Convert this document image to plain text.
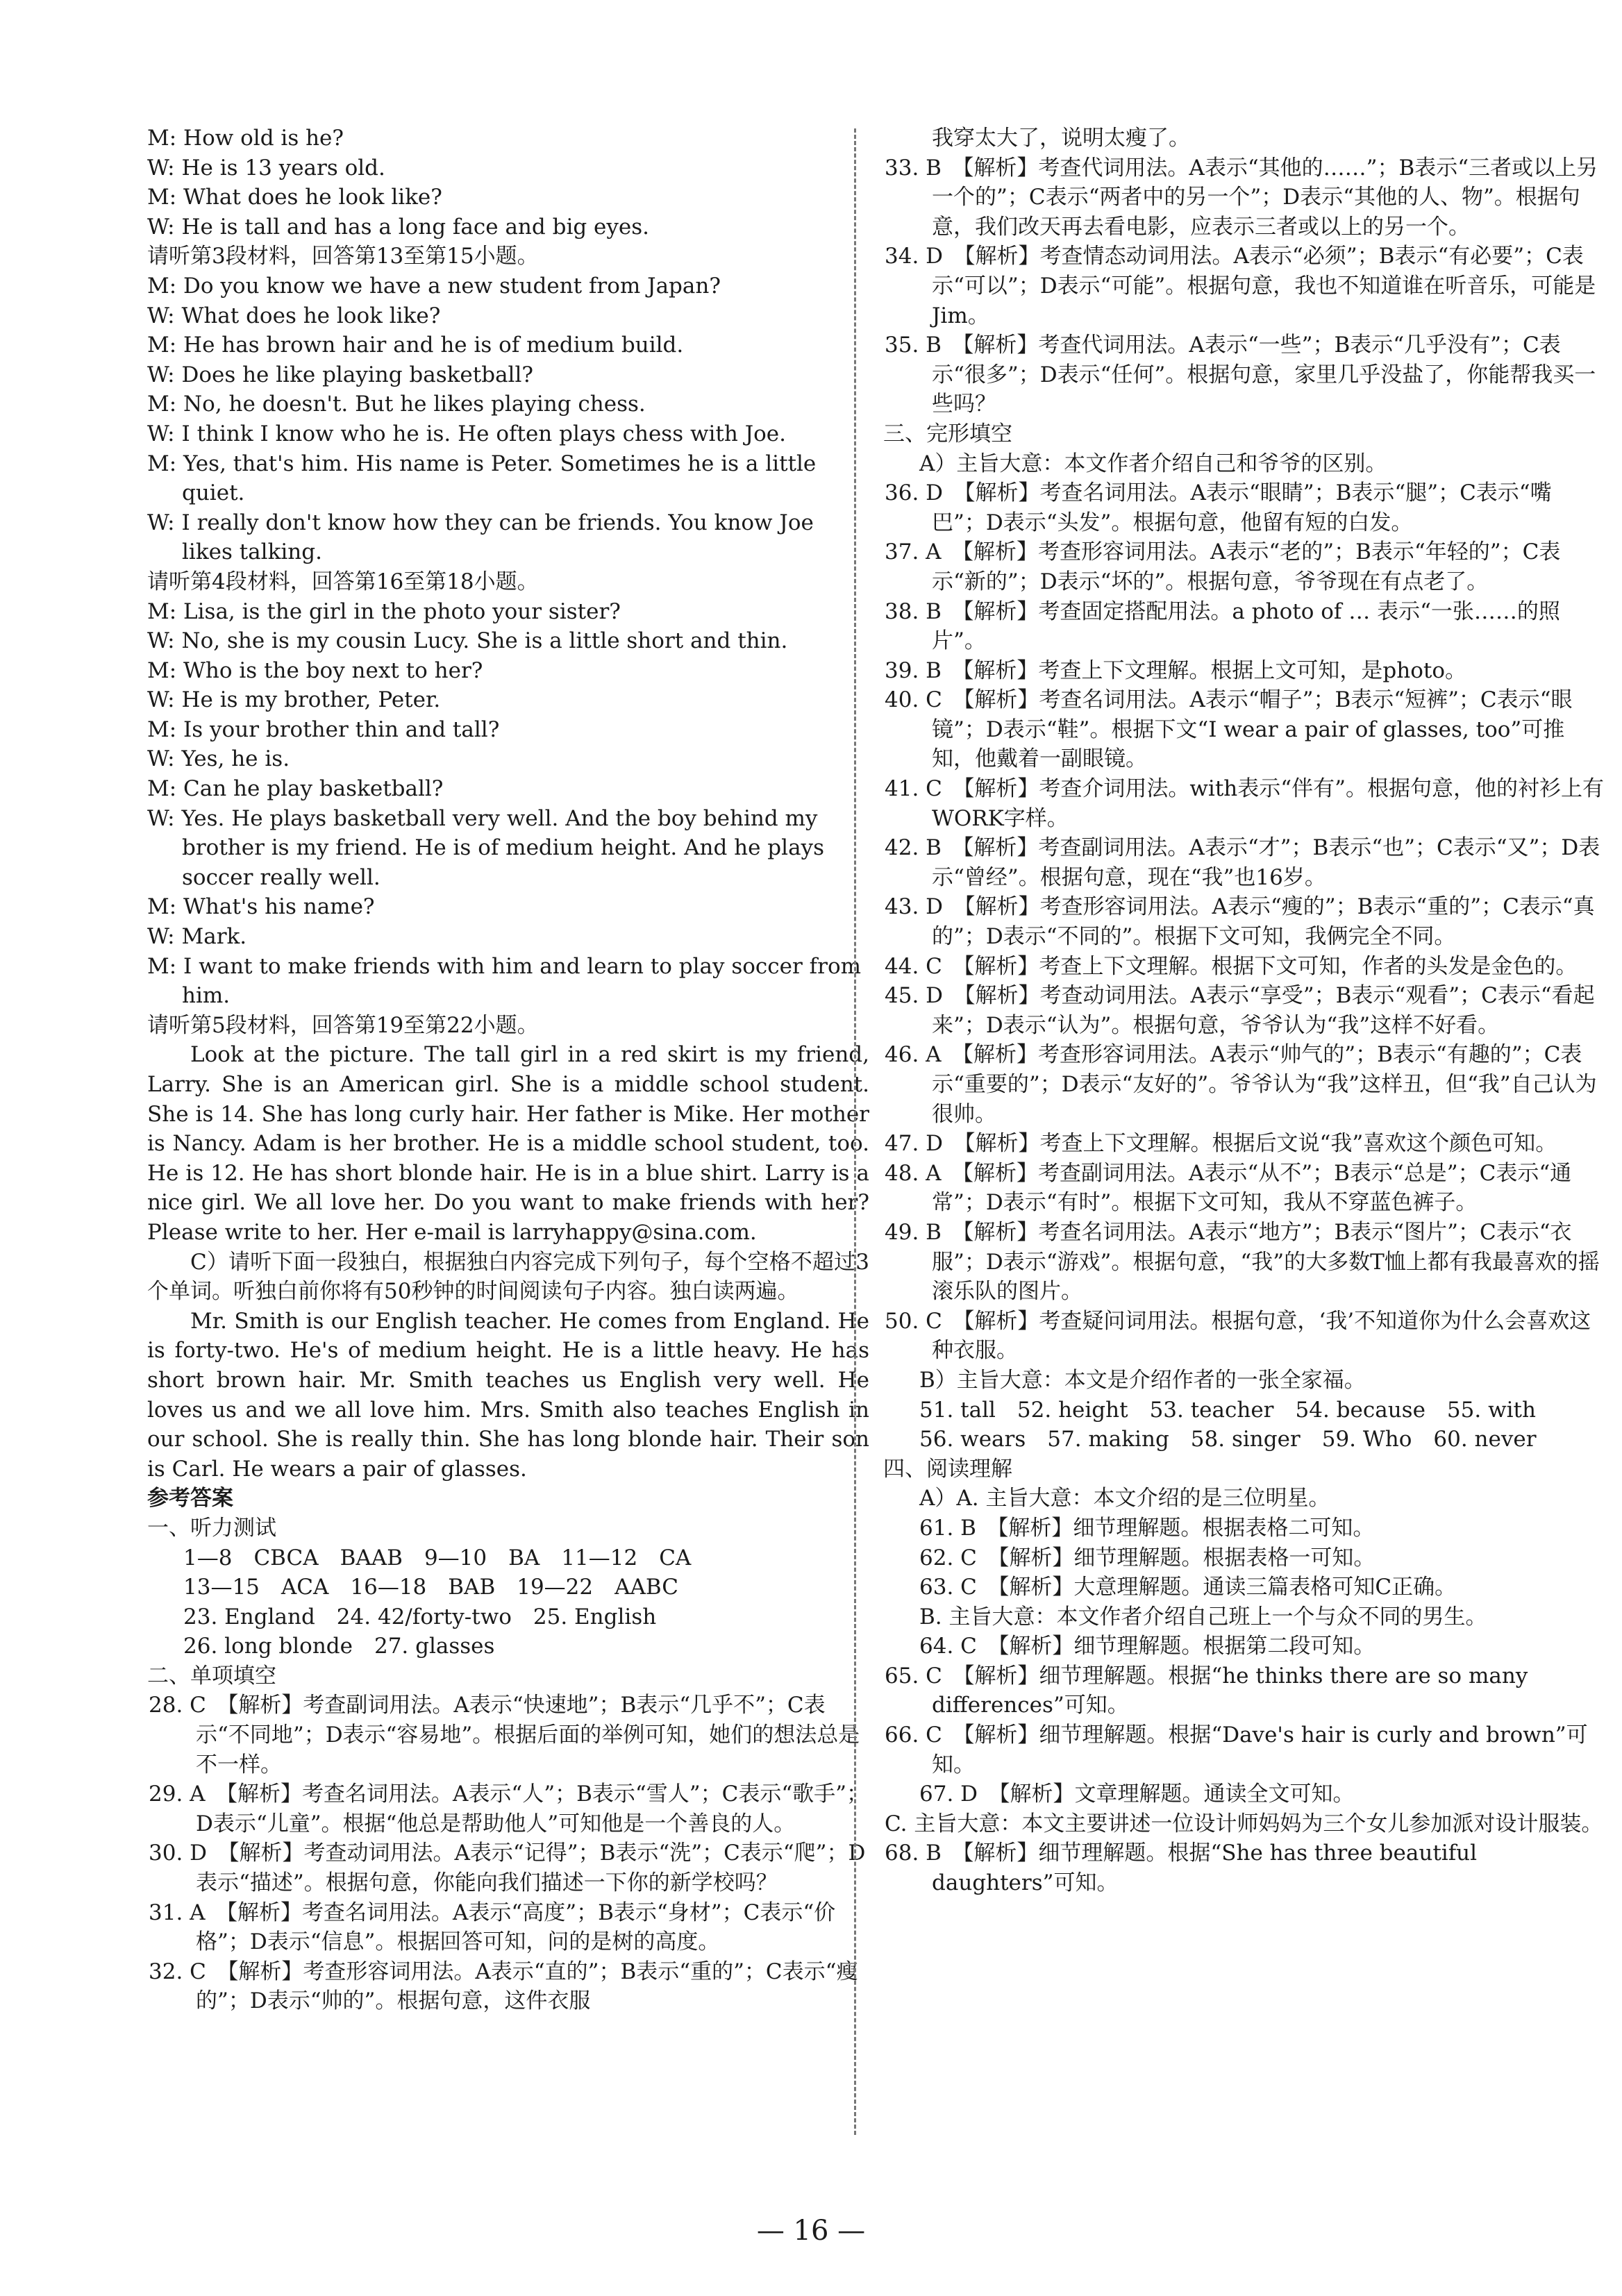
M: How old is he?
W: He is 13 years old.
M: What does he look like?
W: He is tall and has a long face and big eyes.
请听第3段材料，回答第13至第15小题。
M: Do you know we have a new student from Japan?
W: What does he look like?
M: He has brown hair and he is of medium build.
W: Does he like playing basketball?
M: No, he doesn't. But he likes playing chess.
W: I think I know who he is. He often plays chess with Joe.
M: Yes, that's him. His name is Peter. Sometimes he is a little quiet.
W: I really don't know how they can be friends. You know Joe likes talking.
请听第4段材料，回答第16至第18小题。
M: Lisa, is the girl in the photo your sister?
W: No, she is my cousin Lucy. She is a little short and thin.
M: Who is the boy next to her?
W: He is my brother, Peter.
M: Is your brother thin and tall?
W: Yes, he is.
M: Can he play basketball?
W: Yes. He plays basketball very well. And the boy behind my brother is my friend. He is of medium height. And he plays soccer really well.
M: What's his name?
W: Mark.
M: I want to make friends with him and learn to play soccer from him.
请听第5段材料，回答第19至第22小题。
Look at the picture. The tall girl in a red skirt is my friend, Larry. She is an American girl. She is a middle school student. She is 14. She has long curly hair. Her father is Mike. Her mother is Nancy. Adam is her brother. He is a middle school student, too. He is 12. He has short blonde hair. He is in a blue shirt. Larry is a nice girl. We all love her. Do you want to make friends with her? Please write to her. Her e-mail is larryhappy@sina.com.
C）请听下面一段独白，根据独白内容完成下列句子，每个空格不超过3个单词。听独白前你将有50秒钟的时间阅读句子内容。独白读两遍。
Mr. Smith is our English teacher. He comes from England. He is forty-two. He's of medium height. He is a little heavy. He has short brown hair. Mr. Smith teaches us English very well. He loves us and we all love him. Mrs. Smith also teaches English in our school. She is really thin. She has long blonde hair. Their son is Carl. He wears a pair of glasses.
参考答案
一、听力测试
1—8　CBCA　BAAB　9—10　BA　11—12　CA
13—15　ACA　16—18　BAB　19—22　AABC
23. England　24. 42/forty-two　25. English
26. long blonde　27. glasses
二、单项填空
28. C　【解析】考查副词用法。A表示“快速地”；B表示“几乎不”；C表示“不同地”；D表示“容易地”。根据后面的举例可知，她们的想法总是不一样。
29. A　【解析】考查名词用法。A表示“人”；B表示“雪人”；C表示“歌手”；D表示“儿童”。根据“他总是帮助他人”可知他是一个善良的人。
30. D　【解析】考查动词用法。A表示“记得”；B表示“洗”；C表示“爬”；D表示“描述”。根据句意，你能向我们描述一下你的新学校吗？
31. A　【解析】考查名词用法。A表示“高度”；B表示“身材”；C表示“价格”；D表示“信息”。根据回答可知，问的是树的高度。
32. C　【解析】考查形容词用法。A表示“直的”；B表示“重的”；C表示“瘦的”；D表示“帅的”。根据句意，这件衣服
我穿太大了，说明太瘦了。
33. B　【解析】考查代词用法。A表示“其他的……”；B表示“三者或以上另一个的”；C表示“两者中的另一个”；D表示“其他的人、物”。根据句意，我们改天再去看电影，应表示三者或以上的另一个。
34. D　【解析】考查情态动词用法。A表示“必须”；B表示“有必要”；C表示“可以”；D表示“可能”。根据句意，我也不知道谁在听音乐，可能是Jim。
35. B　【解析】考查代词用法。A表示“一些”；B表示“几乎没有”；C表示“很多”；D表示“任何”。根据句意，家里几乎没盐了，你能帮我买一些吗？
三、完形填空
A）主旨大意：本文作者介绍自己和爷爷的区别。
36. D　【解析】考查名词用法。A表示“眼睛”；B表示“腿”；C表示“嘴巴”；D表示“头发”。根据句意，他留有短的白发。
37. A　【解析】考查形容词用法。A表示“老的”；B表示“年轻的”；C表示“新的”；D表示“坏的”。根据句意，爷爷现在有点老了。
38. B　【解析】考查固定搭配用法。a photo of … 表示“一张……的照片”。
39. B　【解析】考查上下文理解。根据上文可知，是photo。
40. C　【解析】考查名词用法。A表示“帽子”；B表示“短裤”；C表示“眼镜”；D表示“鞋”。根据下文“I wear a pair of glasses, too”可推知，他戴着一副眼镜。
41. C　【解析】考查介词用法。with表示“伴有”。根据句意，他的衬衫上有WORK字样。
42. B　【解析】考查副词用法。A表示“才”；B表示“也”；C表示“又”；D表示“曾经”。根据句意，现在“我”也16岁。
43. D　【解析】考查形容词用法。A表示“瘦的”；B表示“重的”；C表示“真的”；D表示“不同的”。根据下文可知，我俩完全不同。
44. C　【解析】考查上下文理解。根据下文可知，作者的头发是金色的。
45. D　【解析】考查动词用法。A表示“享受”；B表示“观看”；C表示“看起来”；D表示“认为”。根据句意，爷爷认为“我”这样不好看。
46. A　【解析】考查形容词用法。A表示“帅气的”；B表示“有趣的”；C表示“重要的”；D表示“友好的”。爷爷认为“我”这样丑，但“我”自己认为很帅。
47. D　【解析】考查上下文理解。根据后文说“我”喜欢这个颜色可知。
48. A　【解析】考查副词用法。A表示“从不”；B表示“总是”；C表示“通常”；D表示“有时”。根据下文可知，我从不穿蓝色裤子。
49. B　【解析】考查名词用法。A表示“地方”；B表示“图片”；C表示“衣服”；D表示“游戏”。根据句意，“我”的大多数T恤上都有我最喜欢的摇滚乐队的图片。
50. C　【解析】考查疑问词用法。根据句意，‘我’不知道你为什么会喜欢这种衣服。
B）主旨大意：本文是介绍作者的一张全家福。
51. tall　52. height　53. teacher　54. because　55. with
56. wears　57. making　58. singer　59. Who　60. never
四、阅读理解
A）A. 主旨大意：本文介绍的是三位明星。
61. B　【解析】细节理解题。根据表格二可知。
62. C　【解析】细节理解题。根据表格一可知。
63. C　【解析】大意理解题。通读三篇表格可知C正确。
B. 主旨大意：本文作者介绍自己班上一个与众不同的男生。
64. C　【解析】细节理解题。根据第二段可知。
65. C　【解析】细节理解题。根据“he thinks there are so many differences”可知。
66. C　【解析】细节理解题。根据“Dave's hair is curly and brown”可知。
67. D　【解析】文章理解题。通读全文可知。
C. 主旨大意：本文主要讲述一位设计师妈妈为三个女儿参加派对设计服装。
68. B　【解析】细节理解题。根据“She has three beautiful daughters”可知。
— 16 —
